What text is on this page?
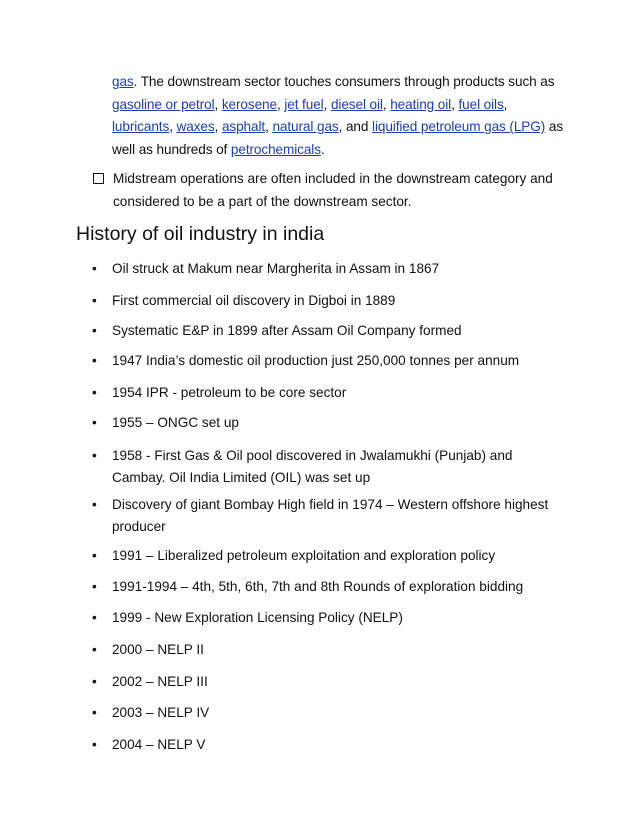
gas. The downstream sector touches consumers through products such as
gasoline or petrol, kerosene, jet fuel, diesel oil, heating oil, fuel oils,
lubricants, waxes, asphalt, natural gas, and liquified petroleum gas (LPG) as
well as hundreds of petrochemicals.
Midstream operations are often included in the downstream category and considered to be a part of the downstream sector.
History of oil industry in india
•	Oil struck at Makum near Margherita in Assam in 1867
•	First commercial oil discovery in Digboi in 1889
•	Systematic E&P in 1899 after Assam Oil Company formed
•	1947 India’s domestic oil production just 250,000 tonnes per annum
•	1954 IPR - petroleum to be core sector
•	1955 – ONGC set up
•	1958 - First Gas & Oil pool discovered in Jwalamukhi (Punjab) and Cambay. Oil India Limited (OIL) was set up
•	Discovery of giant Bombay High field in 1974 – Western offshore highest producer
•	1991 – Liberalized petroleum exploitation and exploration policy
•	1991-1994 – 4th, 5th, 6th, 7th and 8th Rounds of exploration bidding
•	1999 - New Exploration Licensing Policy (NELP)
•	2000 – NELP II
•	2002 – NELP III
•	2003 – NELP IV
•	2004 – NELP V
